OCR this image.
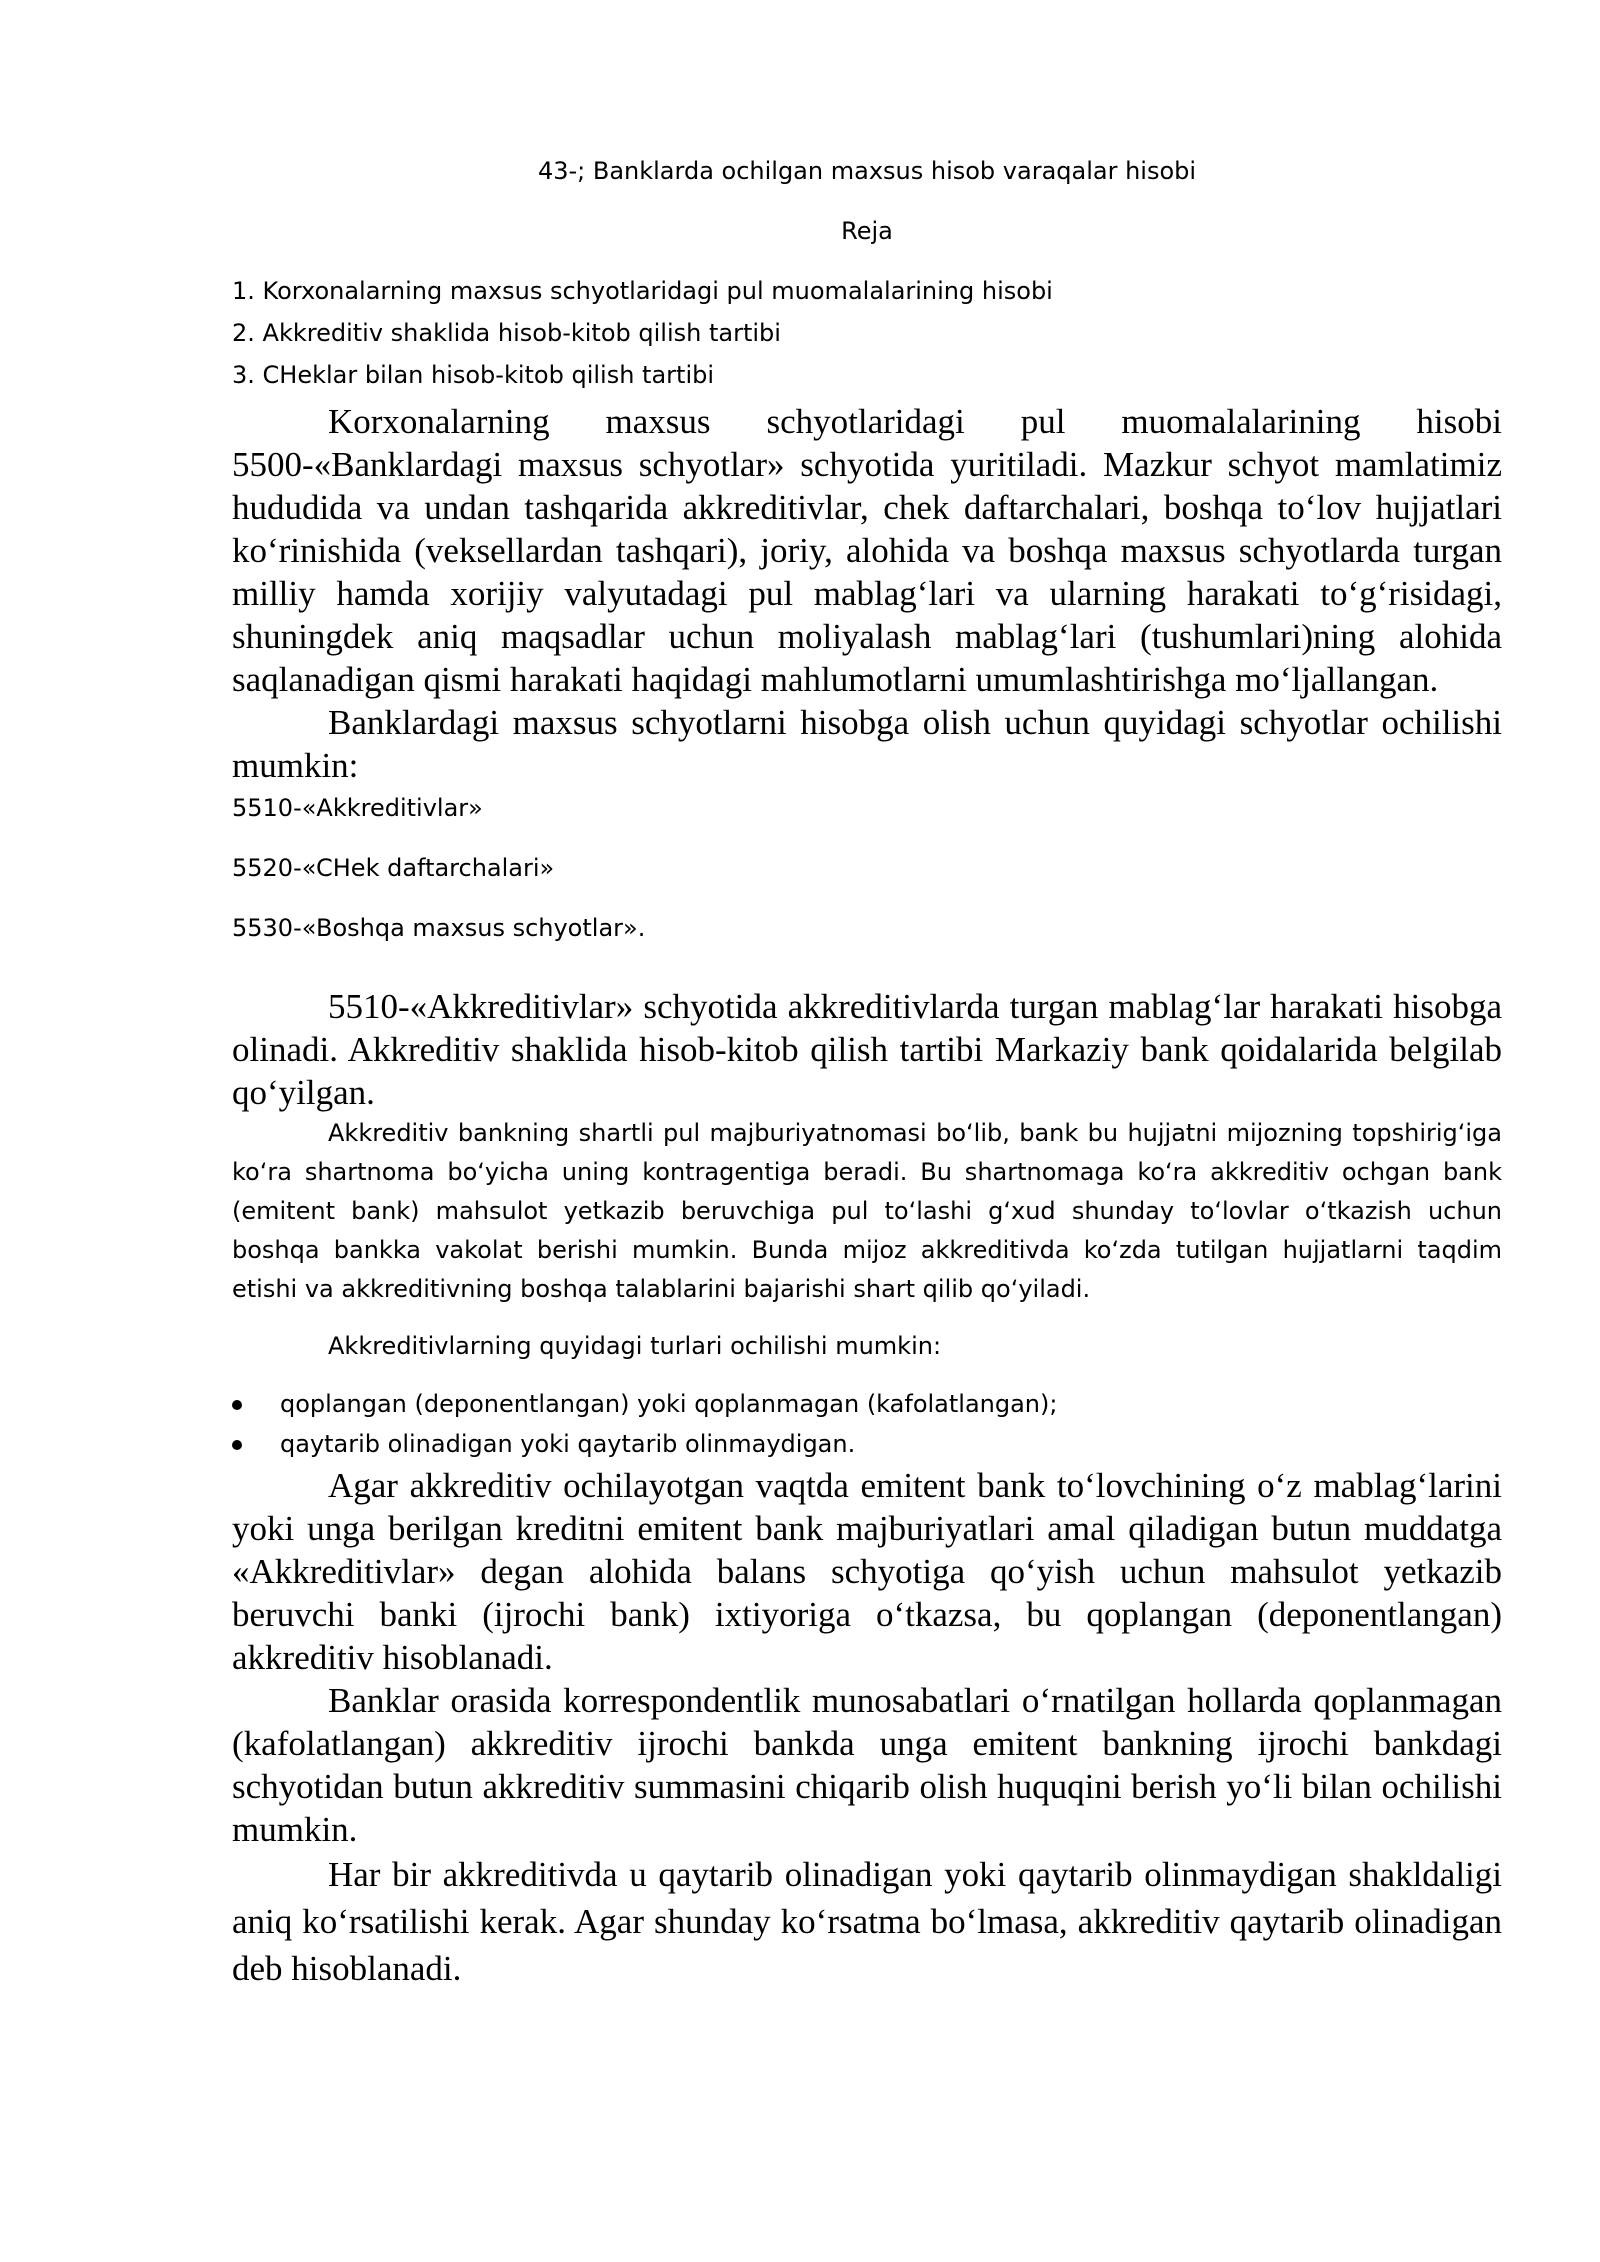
43-; Banklarda ochilgan maxsus hisob varaqalar hisobi
Reja
1. Korxonalarning maxsus schyotlaridagi pul muomalalarining hisobi
2. Akkreditiv shaklida hisob-kitob qilish tartibi
3. CHeklar bilan hisob-kitob qilish tartibi

Korxonalarning maxsus schyotlaridagi pul muomalalarining hisobi 5500-«Banklardagi maxsus schyotlar» schyotida yuritiladi. Mazkur schyot mamlatimiz hududida va undan tashqarida akkreditivlar, chek daftarchalari, boshqa to‘lov hujjatlari ko‘rinishida (veksellardan tashqari), joriy, alohida va boshqa maxsus schyotlarda turgan milliy hamda xorijiy valyutadagi pul mablag‘lari va ularning harakati to‘g‘risidagi, shuningdek aniq maqsadlar uchun moliyalash mablag‘lari (tushumlari)ning alohida saqlanadigan qismi harakati haqidagi mahlumotlarni umumlashtirishga mo‘ljallangan.

Banklardagi maxsus schyotlarni hisobga olish uchun quyidagi schyotlar ochilishi mumkin:

5510-«Akkreditivlar»
5520-«CHek daftarchalari»
5530-«Boshqa maxsus schyotlar».

5510-«Akkreditivlar» schyotida akkreditivlarda turgan mablag‘lar harakati hisobga olinadi. Akkreditiv shaklida hisob-kitob qilish tartibi Markaziy bank qoidalarida belgilab qo‘yilgan.

Akkreditiv bankning shartli pul majburiyatnomasi bo‘lib, bank bu hujjatni mijozning topshirig‘iga ko‘ra shartnoma bo‘yicha uning kontragentiga beradi. Bu shartnomaga ko‘ra akkreditiv ochgan bank (emitent bank) mahsulot yetkazib beruvchiga pul to‘lashi g‘xud shunday to‘lovlar o‘tkazish uchun boshqa bankka vakolat berishi mumkin. Bunda mijoz akkreditivda ko‘zda tutilgan hujjatlarni taqdim etishi va akkreditivning boshqa talablarini bajarishi shart qilib qo‘yiladi.

Akkreditivlarning quyidagi turlari ochilishi mumkin:

qoplangan (deponentlangan) yoki qoplanmagan (kafolatlangan);
qaytarib olinadigan yoki qaytarib olinmaydigan.

Agar akkreditiv ochilayotgan vaqtda emitent bank to‘lovchining o‘z mablag‘larini yoki unga berilgan kreditni emitent bank majburiyatlari amal qiladigan butun muddatga «Akkreditivlar» degan alohida balans schyotiga qo‘yish uchun mahsulot yetkazib beruvchi banki (ijrochi bank) ixtiyoriga o‘tkazsa, bu qoplangan (deponentlangan) akkreditiv hisoblanadi.

Banklar orasida korrespondentlik munosabatlari o‘rnatilgan hollarda qoplanmagan (kafolatlangan) akkreditiv ijrochi bankda unga emitent bankning ijrochi bankdagi schyotidan butun akkreditiv summasini chiqarib olish huquqini berish yo‘li bilan ochilishi mumkin.

Har bir akkreditivda u qaytarib olinadigan yoki qaytarib olinmaydigan shakldaligi aniq ko‘rsatilishi kerak. Agar shunday ko‘rsatma bo‘lmasa, akkreditiv qaytarib olinadigan deb hisoblanadi.
